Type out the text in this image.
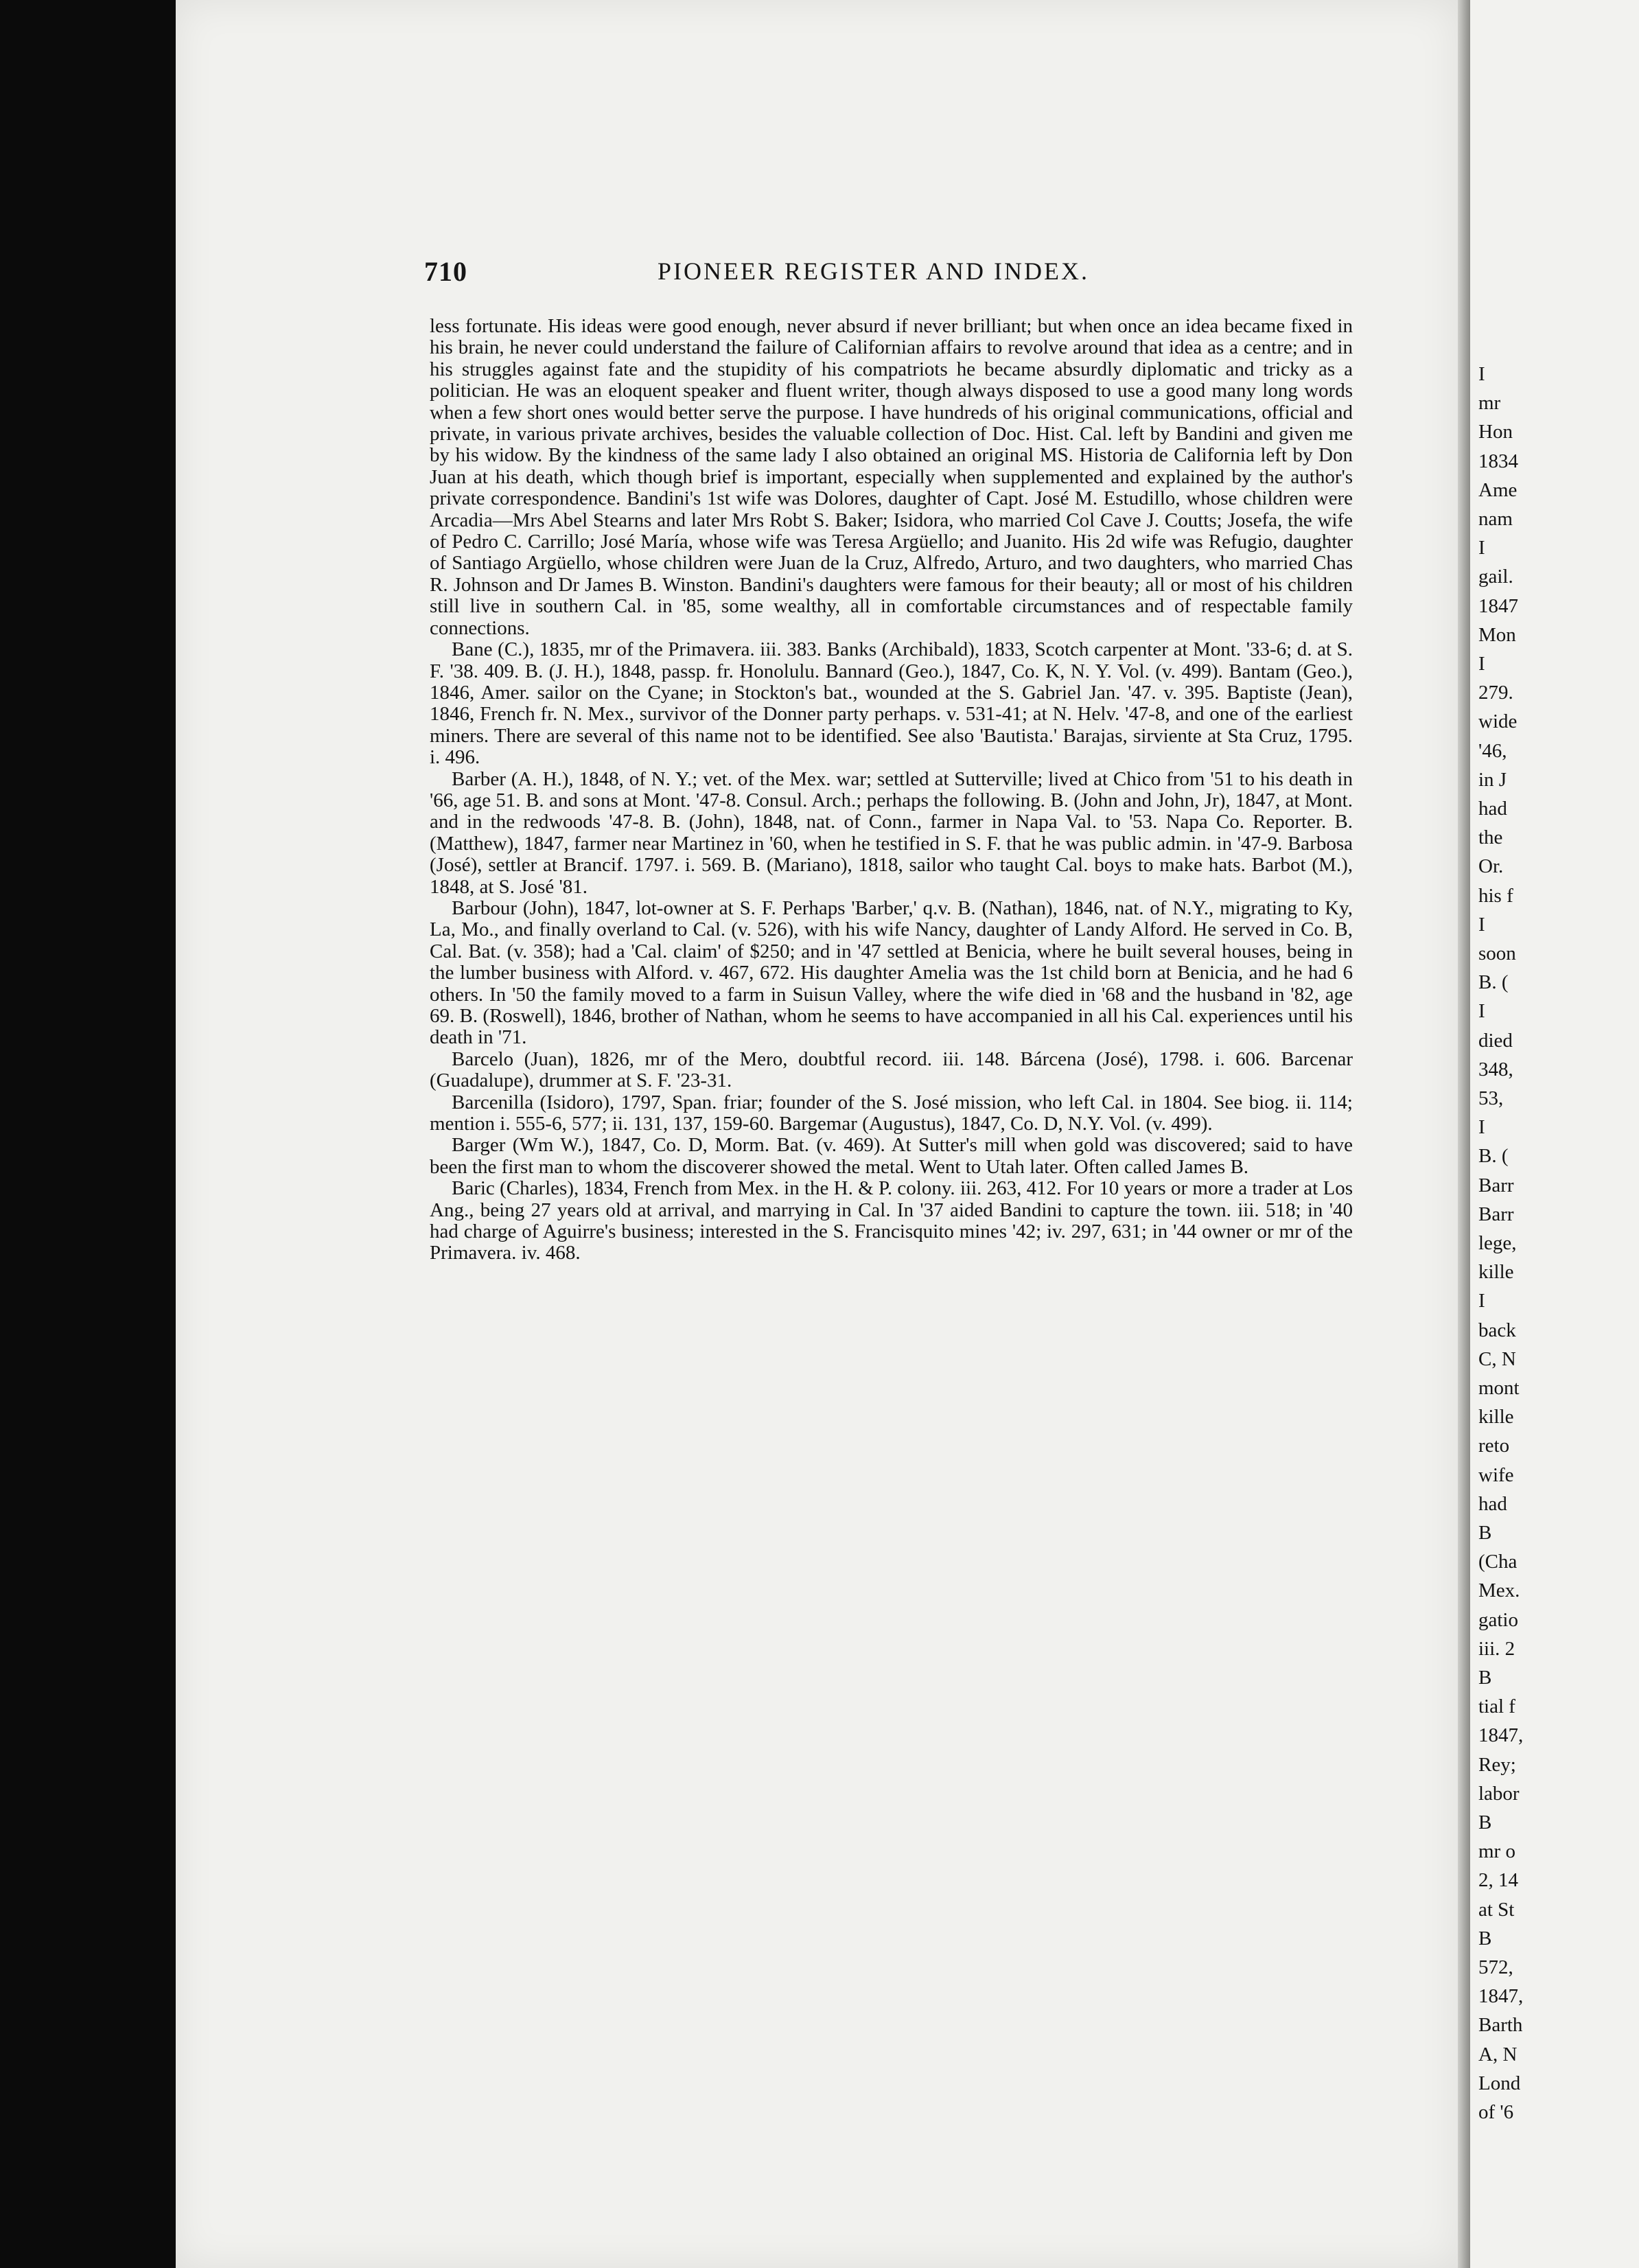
710	PIONEER REGISTER AND INDEX.

less fortunate. His ideas were good enough, never absurd if never brilliant; but when once an idea became fixed in his brain, he never could understand the failure of Californian affairs to revolve around that idea as a centre; and in his struggles against fate and the stupidity of his compatriots he became absurdly diplomatic and tricky as a politician. He was an eloquent speaker and fluent writer, though always disposed to use a good many long words when a few short ones would better serve the purpose. I have hundreds of his original communications, official and private, in various private archives, besides the valuable collection of Doc. Hist. Cal. left by Bandini and given me by his widow. By the kindness of the same lady I also obtained an original MS. Historia de California left by Don Juan at his death, which though brief is important, especially when supplemented and explained by the author's private correspondence. Bandini's 1st wife was Dolores, daughter of Capt. José M. Estudillo, whose children were Arcadia—Mrs Abel Stearns and later Mrs Robt S. Baker; Isidora, who married Col Cave J. Coutts; Josefa, the wife of Pedro C. Carrillo; José María, whose wife was Teresa Argüello; and Juanito. His 2d wife was Refugio, daughter of Santiago Argüello, whose children were Juan de la Cruz, Alfredo, Arturo, and two daughters, who married Chas R. Johnson and Dr James B. Winston. Bandini's daughters were famous for their beauty; all or most of his children still live in southern Cal. in '85, some wealthy, all in comfortable circumstances and of respectable family connections.

Bane (C.), 1835, mr of the Primavera. iii. 383. Banks (Archibald), 1833, Scotch carpenter at Mont. '33-6; d. at S. F. '38. 409. B. (J. H.), 1848, passp. fr. Honolulu. Bannard (Geo.), 1847, Co. K, N. Y. Vol. (v. 499). Bantam (Geo.), 1846, Amer. sailor on the Cyane; in Stockton's bat., wounded at the S. Gabriel Jan. '47. v. 395. Baptiste (Jean), 1846, French fr. N. Mex., survivor of the Donner party perhaps. v. 531-41; at N. Helv. '47-8, and one of the earliest miners. There are several of this name not to be identified. See also 'Bautista.' Barajas, sirviente at Sta Cruz, 1795. i. 496.

Barber (A. H.), 1848, of N. Y.; vet. of the Mex. war; settled at Sutterville; lived at Chico from '51 to his death in '66, age 51. B. and sons at Mont. '47-8. Consul. Arch.; perhaps the following. B. (John and John, Jr), 1847, at Mont. and in the redwoods '47-8. B. (John), 1848, nat. of Conn., farmer in Napa Val. to '53. Napa Co. Reporter. B. (Matthew), 1847, farmer near Martinez in '60, when he testified in S. F. that he was public admin. in '47-9. Barbosa (José), settler at Brancif. 1797. i. 569. B. (Mariano), 1818, sailor who taught Cal. boys to make hats. Barbot (M.), 1848, at S. José '81.

Barbour (John), 1847, lot-owner at S. F. Perhaps 'Barber,' q.v. B. (Nathan), 1846, nat. of N.Y., migrating to Ky, La, Mo., and finally overland to Cal. (v. 526), with his wife Nancy, daughter of Landy Alford. He served in Co. B, Cal. Bat. (v. 358); had a 'Cal. claim' of $250; and in '47 settled at Benicia, where he built several houses, being in the lumber business with Alford. v. 467, 672. His daughter Amelia was the 1st child born at Benicia, and he had 6 others. In '50 the family moved to a farm in Suisun Valley, where the wife died in '68 and the husband in '82, age 69. B. (Roswell), 1846, brother of Nathan, whom he seems to have accompanied in all his Cal. experiences until his death in '71.

Barcelo (Juan), 1826, mr of the Mero, doubtful record. iii. 148. Bárcena (José), 1798. i. 606. Barcenar (Guadalupe), drummer at S. F. '23-31.

Barcenilla (Isidoro), 1797, Span. friar; founder of the S. José mission, who left Cal. in 1804. See biog. ii. 114; mention i. 555-6, 577; ii. 131, 137, 159-60. Bargemar (Augustus), 1847, Co. D, N.Y. Vol. (v. 499).

Barger (Wm W.), 1847, Co. D, Morm. Bat. (v. 469). At Sutter's mill when gold was discovered; said to have been the first man to whom the discoverer showed the metal. Went to Utah later. Often called James B.

Baric (Charles), 1834, French from Mex. in the H. & P. colony. iii. 263, 412. For 10 years or more a trader at Los Ang., being 27 years old at arrival, and marrying in Cal. In '37 aided Bandini to capture the town. iii. 518; in '40 had charge of Aguirre's business; interested in the S. Francisquito mines '42; iv. 297, 631; in '44 owner or mr of the Primavera. iv. 468.

I
mr
Hon
1834
Ame
nam
I
gail.
1847
Mon
I
279.
wide
'46,
in J
had
the
Or.
his f
I
soon
B. (
I
died
348,
53,
I
B. (
Barr
Barr
lege,
kille
I
back
C, N
mont
kille
reto
wife
had
B
(Cha
Mex.
gatio
iii. 2
B
tial f
1847,
Rey;
labor
B
mr o
2, 14
at St
B
572,
1847,
Barth
A, N
Lond
of '6
